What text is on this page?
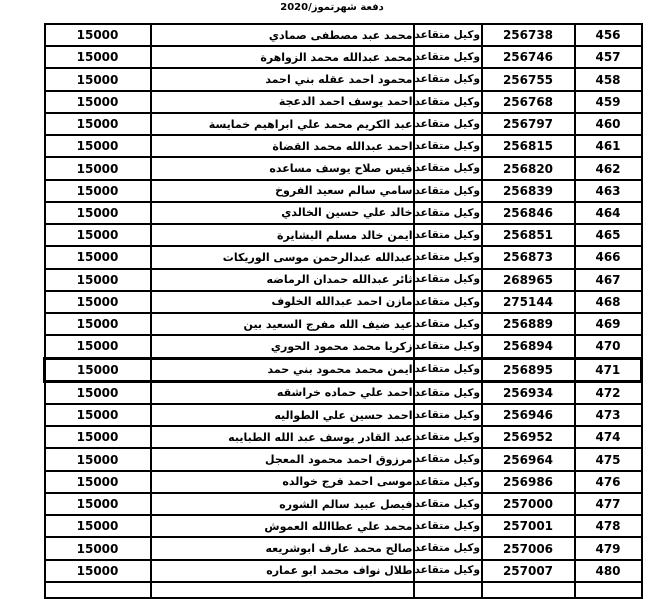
دفعة شهرتموز/2020
15000	محمد عبد مصطفى صمادي	وكيل متقاعد	256738	456
15000	محمد عبدالله محمد الزواهرة	وكيل متقاعد	256746	457
15000	محمود احمد عقله بني احمد	وكيل متقاعد	256755	458
15000	احمد يوسف احمد الدعجة	وكيل متقاعد	256768	459
15000	عبد الكريم محمد علي ابراهيم خمايسة	وكيل متقاعد	256797	460
15000	احمد عبدالله محمد القضاة	وكيل متقاعد	256815	461
15000	قيس صلاح يوسف مساعده	وكيل متقاعد	256820	462
15000	سامي سالم سعيد الفروخ	وكيل متقاعد	256839	463
15000	خالد علي حسين الخالدي	وكيل متقاعد	256846	464
15000	ايمن خالد مسلم البشايرة	وكيل متقاعد	256851	465
15000	عبدالله عبدالرحمن موسى الوريكات	وكيل متقاعد	256873	466
15000	ثائر عبدالله حمدان الرماضه	وكيل متقاعد	268965	467
15000	مازن احمد عبدالله الخلوف	وكيل متقاعد	275144	468
15000	عيد ضيف الله مفرج السعيد بين	وكيل متقاعد	256889	469
15000	زكريا محمد محمود الحوري	وكيل متقاعد	256894	470
15000	ايمن محمد محمود بني حمد	وكيل متقاعد	256895	471
15000	احمد علي حماده خراشقه	وكيل متقاعد	256934	472
15000	احمد حسين علي الطواليه	وكيل متقاعد	256946	473
15000	عبد القادر يوسف عبد الله الطبايبه	وكيل متقاعد	256952	474
15000	مرزوق احمد محمود المعجل	وكيل متقاعد	256964	475
15000	موسى احمد فرج خوالده	وكيل متقاعد	256986	476
15000	فيصل عبيد سالم الشوره	وكيل متقاعد	257000	477
15000	محمد علي عطاالله العموش	وكيل متقاعد	257001	478
15000	صالح محمد عارف ابوشريعه	وكيل متقاعد	257006	479
15000	طلال نواف محمد ابو عماره	وكيل متقاعد	257007	480
